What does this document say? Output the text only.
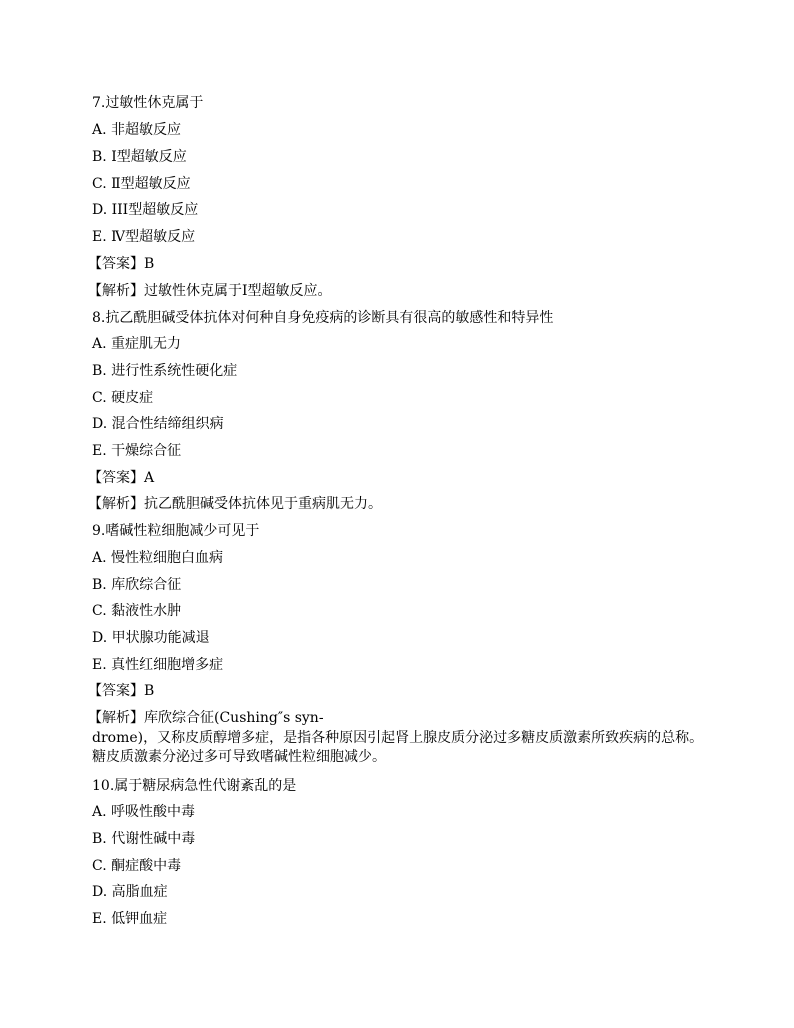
7.过敏性休克属于
A. 非超敏反应
B. I型超敏反应
C. Ⅱ型超敏反应
D. III型超敏反应
E. Ⅳ型超敏反应
【答案】B
【解析】过敏性休克属于I型超敏反应。
8.抗乙酰胆碱受体抗体对何种自身免疫病的诊断具有很高的敏感性和特异性
A. 重症肌无力
B. 进行性系统性硬化症
C. 硬皮症
D. 混合性结缔组织病
E. 干燥综合征
【答案】A
【解析】抗乙酰胆碱受体抗体见于重病肌无力。
9.嗜碱性粒细胞减少可见于
A. 慢性粒细胞白血病
B. 库欣综合征
C. 黏液性水肿
D. 甲状腺功能减退
E. 真性红细胞增多症
【答案】B
【解析】库欣综合征(Cushing″s syn-
drome)，又称皮质醇增多症，是指各种原因引起肾上腺皮质分泌过多糖皮质激素所致疾病的总称。糖皮质激素分泌过多可导致嗜碱性粒细胞减少。
10.属于糖尿病急性代谢紊乱的是
A. 呼吸性酸中毒
B. 代谢性碱中毒
C. 酮症酸中毒
D. 高脂血症
E. 低钾血症
